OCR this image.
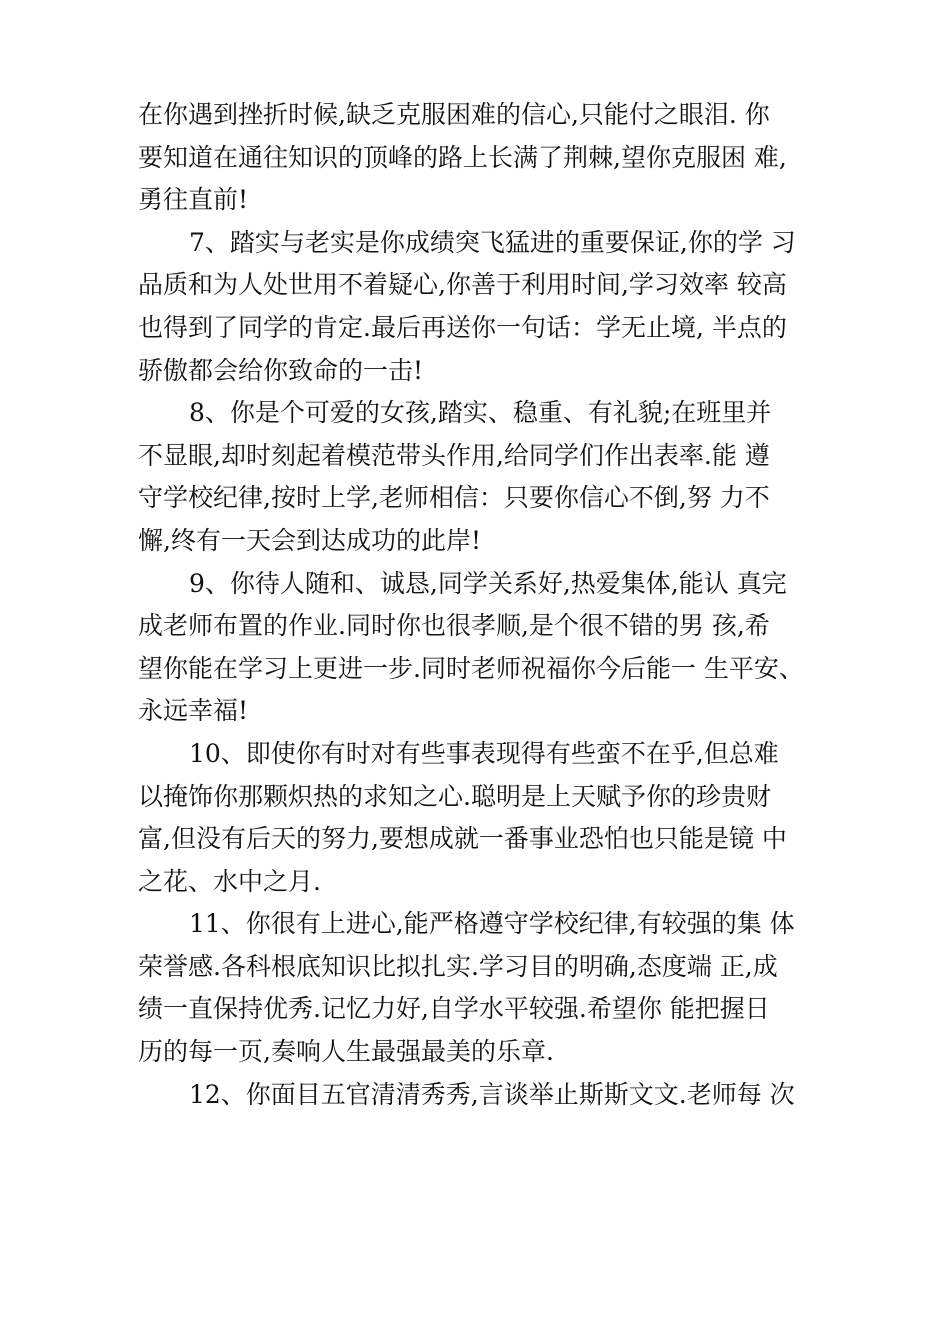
在你遇到挫折时候,缺乏克服困难的信心,只能付之眼泪. 你
要知道在通往知识的顶峰的路上长满了荆棘,望你克服困 难,
勇往直前!
7、踏实与老实是你成绩突飞猛进的重要保证,你的学 习
品质和为人处世用不着疑心,你善于利用时间,学习效率 较高
也得到了同学的肯定.最后再送你一句话：学无止境, 半点的
骄傲都会给你致命的一击!
8、你是个可爱的女孩,踏实、稳重、有礼貌;在班里并
不显眼,却时刻起着模范带头作用,给同学们作出表率.能 遵
守学校纪律,按时上学,老师相信：只要你信心不倒,努 力不
懈,终有一天会到达成功的此岸!
9、你待人随和、诚恳,同学关系好,热爱集体,能认 真完
成老师布置的作业.同时你也很孝顺,是个很不错的男 孩,希
望你能在学习上更进一步.同时老师祝福你今后能一 生平安、
永远幸福!
10、即使你有时对有些事表现得有些蛮不在乎,但总难
以掩饰你那颗炽热的求知之心.聪明是上天赋予你的珍贵财
富,但没有后天的努力,要想成就一番事业恐怕也只能是镜 中
之花、水中之月.
11、你很有上进心,能严格遵守学校纪律,有较强的集 体
荣誉感.各科根底知识比拟扎实.学习目的明确,态度端 正,成
绩一直保持优秀.记忆力好,自学水平较强.希望你 能把握日
历的每一页,奏响人生最强最美的乐章.
12、你面目五官清清秀秀,言谈举止斯斯文文.老师每 次
